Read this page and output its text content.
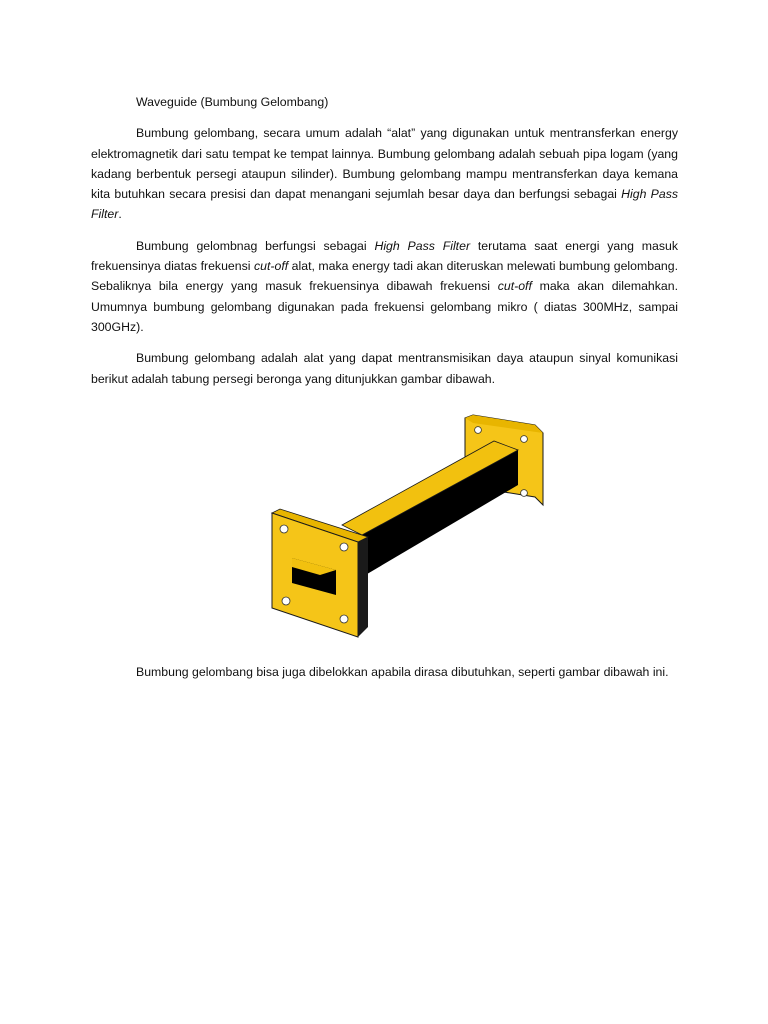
Waveguide (Bumbung Gelombang)

Bumbung gelombang, secara umum adalah “alat” yang digunakan untuk mentransferkan energy elektromagnetik dari satu tempat ke tempat lainnya. Bumbung gelombang adalah sebuah pipa logam (yang kadang berbentuk persegi ataupun silinder). Bumbung gelombang mampu mentransferkan daya kemana kita butuhkan secara presisi dan dapat menangani sejumlah besar daya dan berfungsi sebagai High Pass Filter.

Bumbung gelombnag berfungsi sebagai High Pass Filter terutama saat energi yang masuk frekuensinya diatas frekuensi cut-off alat, maka energy tadi akan diteruskan melewati bumbung gelombang. Sebaliknya bila energy yang masuk frekuensinya dibawah frekuensi cut-off maka akan dilemahkan. Umumnya bumbung gelombang digunakan pada frekuensi gelombang mikro ( diatas 300MHz, sampai 300GHz).

Bumbung gelombang adalah alat yang dapat mentransmisikan daya ataupun sinyal komunikasi berikut adalah tabung persegi beronga yang ditunjukkan gambar dibawah.

Bumbung gelombang bisa juga dibelokkan apabila dirasa dibutuhkan, seperti gambar dibawah ini.
